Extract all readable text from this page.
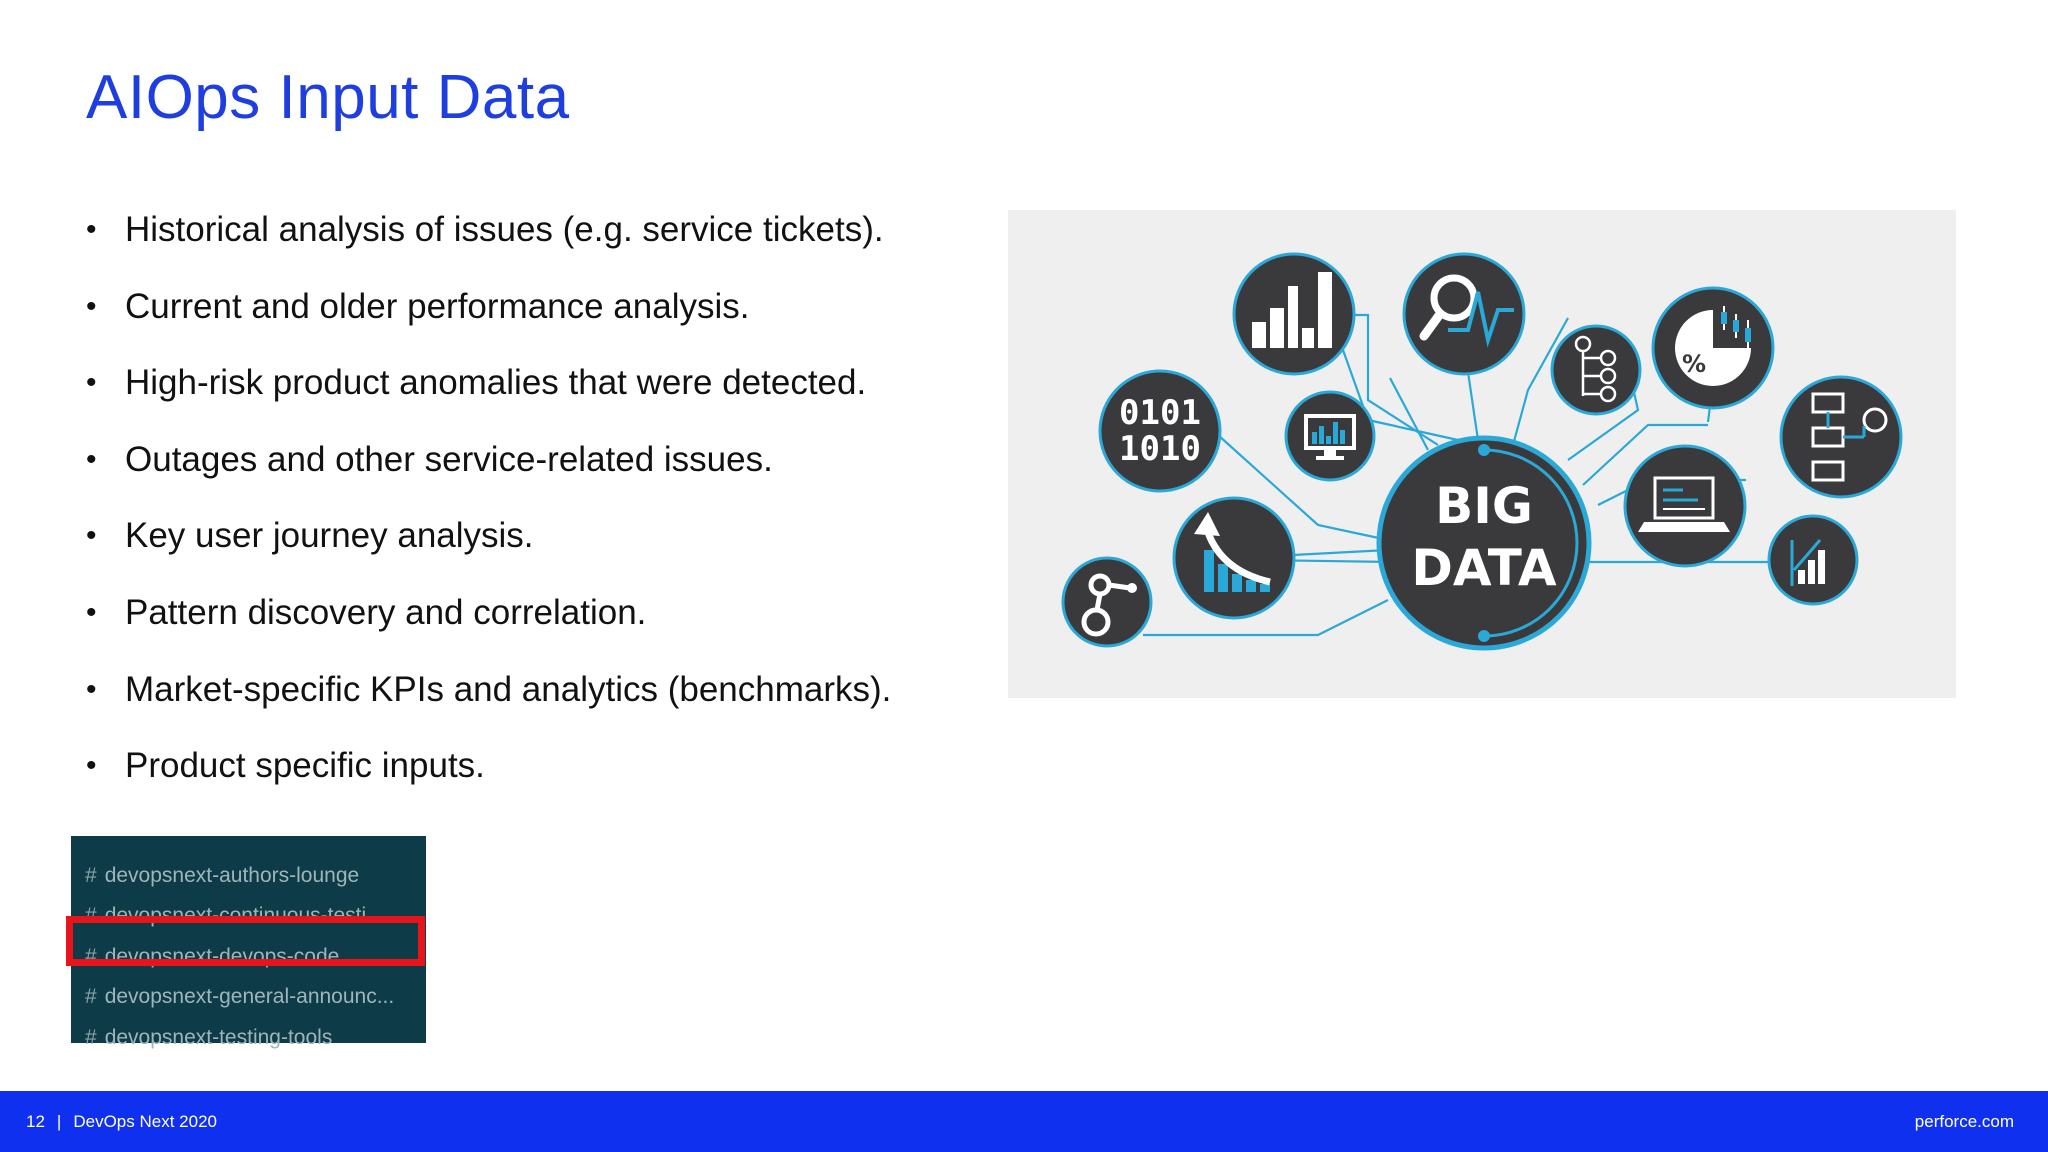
AIOps Input Data
• Historical analysis of issues (e.g. service tickets).
• Current and older performance analysis.
• High-risk product anomalies that were detected.
• Outages and other service-related issues.
• Key user journey analysis.
• Pattern discovery and correlation.
• Market-specific KPIs and analytics (benchmarks).
• Product specific inputs.
# devopsnext-authors-lounge
# devopsnext-continuous-testi...
# devopsnext-devops-code
# devopsnext-general-announc...
# devopsnext-testing-tools
BIG
DATA
0101
1010
%
12 | DevOps Next 2020	perforce.com
